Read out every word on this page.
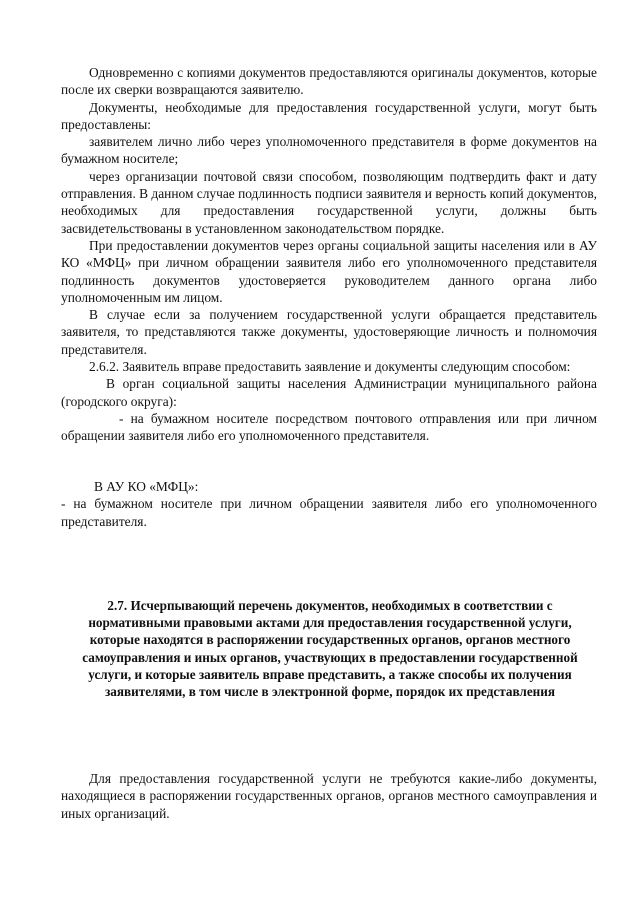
Одновременно с копиями документов предоставляются оригиналы документов, которые после их сверки возвращаются заявителю.

Документы, необходимые для предоставления государственной услуги, могут быть предоставлены:

заявителем лично либо через уполномоченного представителя в форме документов на бумажном носителе;

через организации почтовой связи способом, позволяющим подтвердить факт и дату отправления. В данном случае подлинность подписи заявителя и верность копий документов, необходимых для предоставления государственной услуги, должны быть засвидетельствованы в установленном законодательством порядке.

При предоставлении документов через органы социальной защиты населения или в АУ КО «МФЦ» при личном обращении заявителя либо его уполномоченного представителя подлинность документов удостоверяется руководителем данного органа либо уполномоченным им лицом.

В случае если за получением государственной услуги обращается представитель заявителя, то представляются также документы, удостоверяющие личность и полномочия представителя.

2.6.2. Заявитель вправе предоставить заявление и документы следующим способом:

В орган социальной защиты населения Администрации муниципального района (городского округа):

- на бумажном носителе посредством почтового отправления или при личном обращении заявителя либо его уполномоченного представителя.

В АУ КО «МФЦ»:

- на бумажном носителе при личном обращении заявителя либо его уполномоченного представителя.

2.7. Исчерпывающий перечень документов, необходимых в соответствии с нормативными правовыми актами для предоставления государственной услуги, которые находятся в распоряжении государственных органов, органов местного самоуправления и иных органов, участвующих в предоставлении государственной услуги, и которые заявитель вправе представить, а также способы их получения заявителями, в том числе в электронной форме, порядок их представления

Для предоставления государственной услуги не требуются какие-либо документы, находящиеся в распоряжении государственных органов, органов местного самоуправления и иных организаций.
